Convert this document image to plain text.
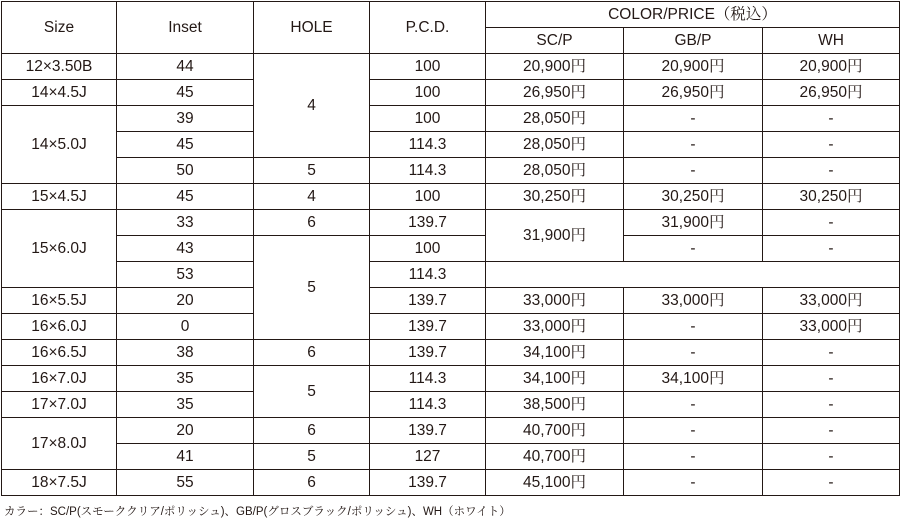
Size	Inset	HOLE	P.C.D.	COLOR/PRICE（税込）		
				SC/P	GB/P	WH
12×3.50B	44	4	100	20,900円	20,900円	20,900円
14×4.5J	45		100	26,950円	26,950円	26,950円
14×5.0J	39		100	28,050円	-	-
	45		114.3	28,050円	-	-
	50	5	114.3	28,050円	-	-
15×4.5J	45	4	100	30,250円	30,250円	30,250円
15×6.0J	33	6	139.7	31,900円	31,900円	-
	43	5	100		-	-
	53		114.3			
16×5.5J	20		139.7	33,000円	33,000円	33,000円
16×6.0J	0		139.7	33,000円	-	33,000円
16×6.5J	38	6	139.7	34,100円	-	-
16×7.0J	35	5	114.3	34,100円	34,100円	-
17×7.0J	35		114.3	38,500円	-	-
17×8.0J	20	6	139.7	40,700円	-	-
	41	5	127	40,700円	-	-
18×7.5J	55	6	139.7	45,100円	-	-
カラー：SC/P(スモーククリア/ポリッシュ)、GB/P(グロスブラック/ポリッシュ)、WH（ホワイト）
